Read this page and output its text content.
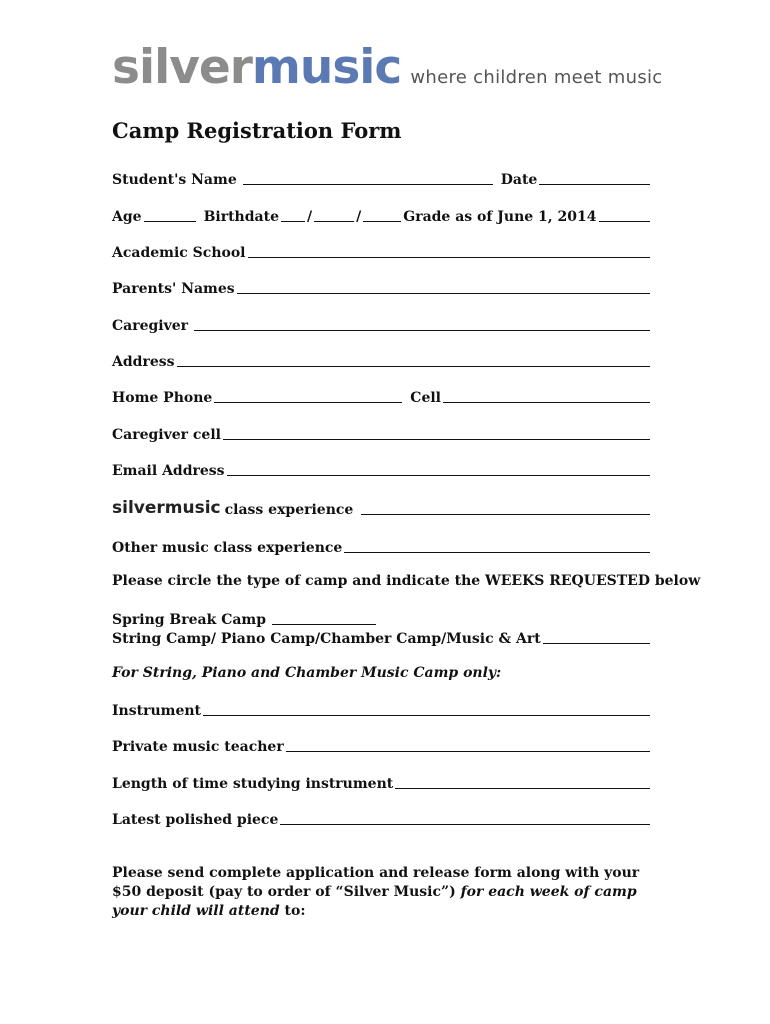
silvermusic where children meet music
Camp Registration Form
Student's Name	Date
Age	Birthdate /	/	Grade as of June 1, 2014
Academic School
Parents' Names
Caregiver
Address
Home Phone	Cell
Caregiver cell
Email Address
silvermusic class experience
Other music class experience
Please circle the type of camp and indicate the WEEKS REQUESTED below
Spring Break Camp
String Camp/ Piano Camp/Chamber Camp/Music & Art
For String, Piano and Chamber Music Camp only:
Instrument
Private music teacher
Length of time studying instrument
Latest polished piece
Please send complete application and release form along with your $50 deposit (pay to order of “Silver Music”) for each week of camp your child will attend to:
